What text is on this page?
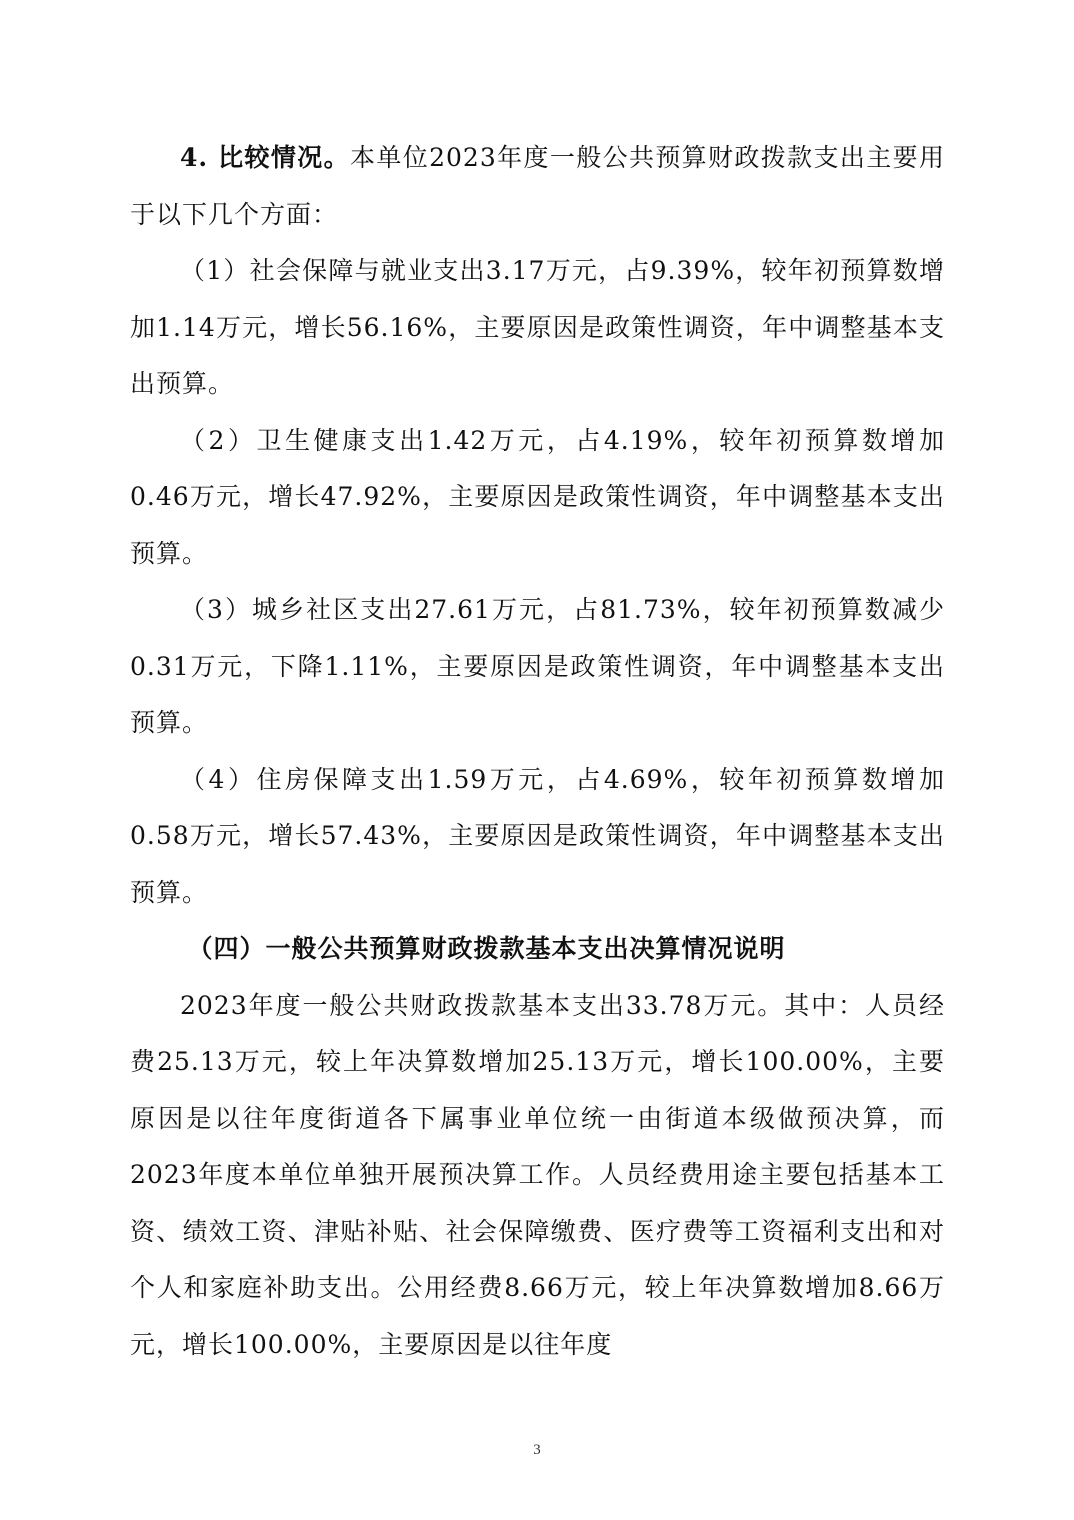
4. 比较情况。本单位2023年度一般公共预算财政拨款支出主要用于以下几个方面：

（1）社会保障与就业支出3.17万元，占9.39%，较年初预算数增加1.14万元，增长56.16%，主要原因是政策性调资，年中调整基本支出预算。

（2）卫生健康支出1.42万元，占4.19%，较年初预算数增加0.46万元，增长47.92%，主要原因是政策性调资，年中调整基本支出预算。

（3）城乡社区支出27.61万元，占81.73%，较年初预算数减少0.31万元，下降1.11%，主要原因是政策性调资，年中调整基本支出预算。

（4）住房保障支出1.59万元，占4.69%，较年初预算数增加0.58万元，增长57.43%，主要原因是政策性调资，年中调整基本支出预算。

（四）一般公共预算财政拨款基本支出决算情况说明

2023年度一般公共财政拨款基本支出33.78万元。其中：人员经费25.13万元，较上年决算数增加25.13万元，增长100.00%，主要原因是以往年度街道各下属事业单位统一由街道本级做预决算，而2023年度本单位单独开展预决算工作。人员经费用途主要包括基本工资、绩效工资、津贴补贴、社会保障缴费、医疗费等工资福利支出和对个人和家庭补助支出。公用经费8.66万元，较上年决算数增加8.66万元，增长100.00%，主要原因是以往年度

3
